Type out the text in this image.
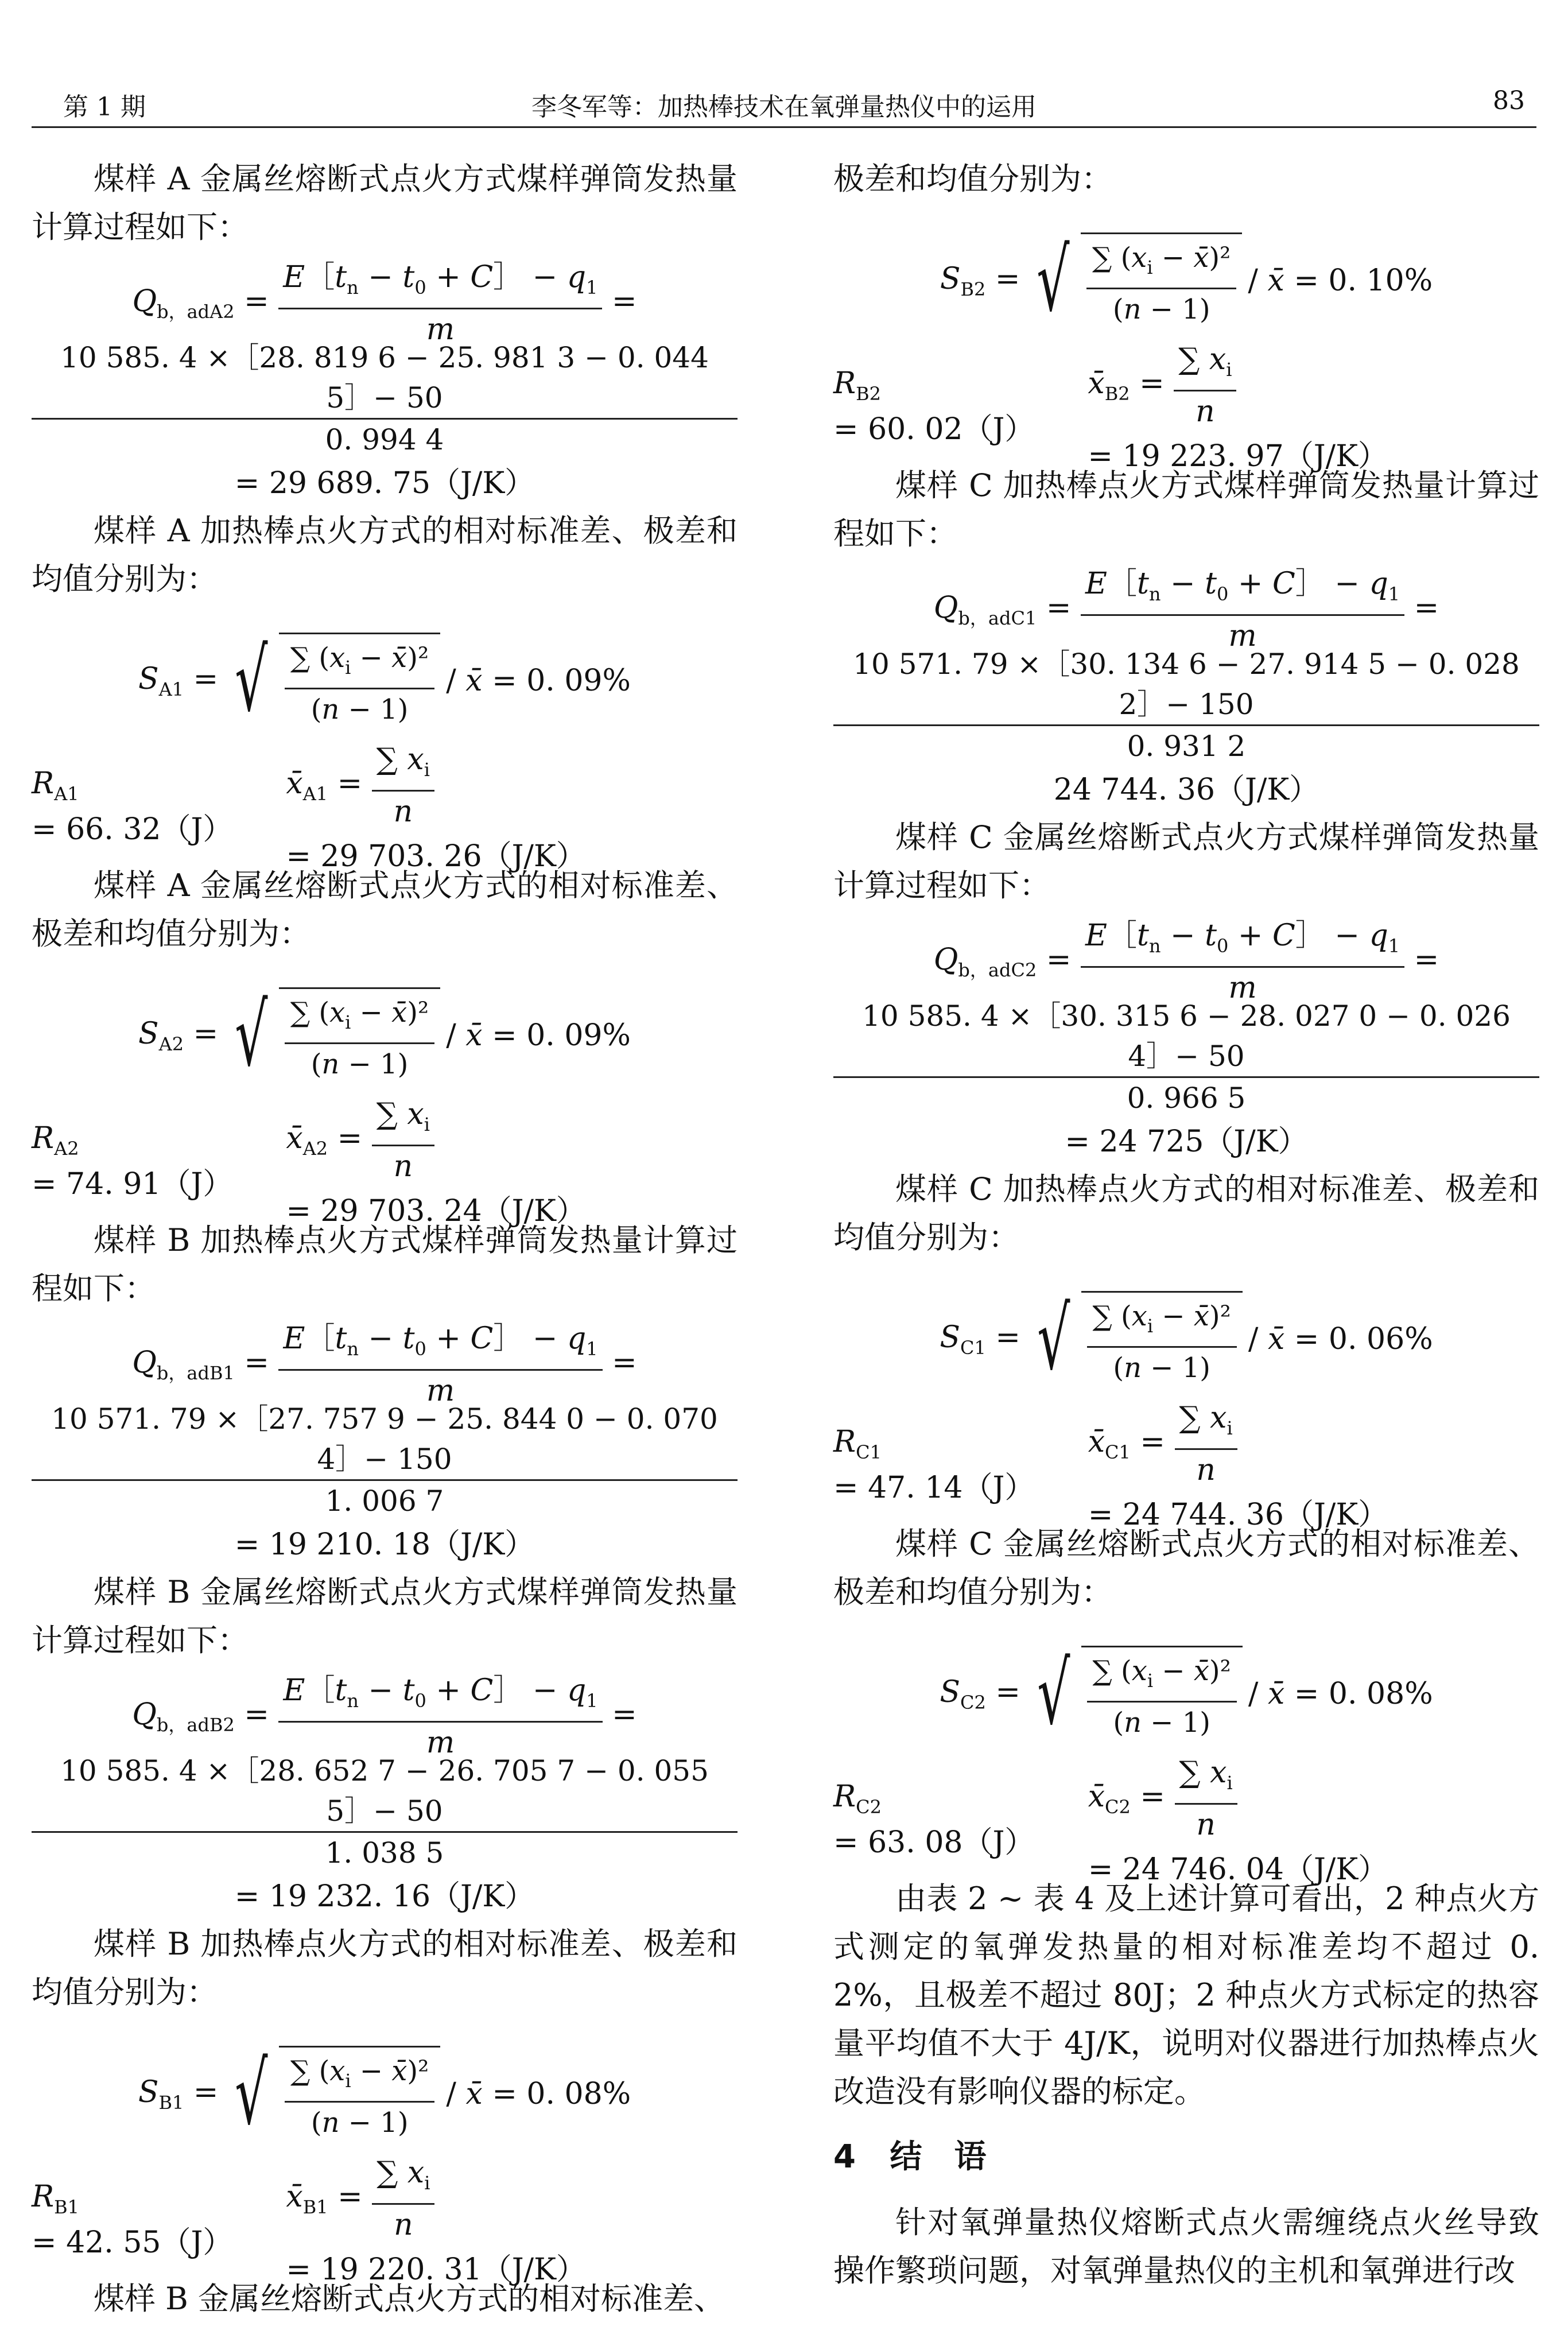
第 1 期	李冬军等：加热棒技术在氧弹量热仪中的运用	83

煤样 A 金属丝熔断式点火方式煤样弹筒发热量计算过程如下：

$Q_{b,adA2} = \frac{E[t_n - t_0 + C] - q_1}{m}$ =
10 585. 4 ×［28. 819 6 − 25. 981 3 − 0. 044 5］− 50
0. 994 4
= 29 689. 75（J/K）

煤样 A 加热棒点火方式的相对标准差、极差和均值分别为：

$S_{A1}$ = √ $\frac{\sum (x_i - x̄)^2}{(n - 1)}$ / x̄ = 0. 09%
$R_{A1} = 66$. 32（J）
$x̄_{A1} = \frac{\sum x_i}{n}$
= 29 703. 26（J/K）

煤样 A 金属丝熔断式点火方式的相对标准差、极差和均值分别为：

$S_{A2}$ = √ $\frac{\sum (x_i - x̄)^2}{(n - 1)}$ / x̄ = 0. 09%
$R_{A2} = 74$. 91（J）
$x̄_{A2} = \frac{\sum x_i}{n}$
= 29 703. 24（J/K）

煤样 B 加热棒点火方式煤样弹筒发热量计算过程如下：

$Q_{b,adB1} = \frac{E[t_n - t_0 + C] - q_1}{m}$ =
10 571. 79 ×［27. 757 9 − 25. 844 0 − 0. 070 4］− 150
1. 006 7
= 19 210. 18（J/K）

煤样 B 金属丝熔断式点火方式煤样弹筒发热量计算过程如下：

$Q_{b,adB2} = \frac{E[t_n - t_0 + C] - q_1}{m}$ =
10 585. 4 ×［28. 652 7 − 26. 705 7 − 0. 055 5］− 50
1. 038 5
= 19 232. 16（J/K）

煤样 B 加热棒点火方式的相对标准差、极差和均值分别为：

$S_{B1}$ = √ $\frac{\sum (x_i - x̄)^2}{(n - 1)}$ / x̄ = 0. 08%
$R_{B1} = 42$. 55（J）
$x̄_{B1} = \frac{\sum x_i}{n}$
= 19 220. 31（J/K）

煤样 B 金属丝熔断式点火方式的相对标准差、

极差和均值分别为：

$S_{B2}$ = √ $\frac{\sum (x_i - x̄)^2}{(n - 1)}$ / x̄ = 0. 10%
$R_{B2} = 60$. 02（J）
$x̄_{B2} = \frac{\sum x_i}{n}$
= 19 223. 97（J/K）

煤样 C 加热棒点火方式煤样弹筒发热量计算过程如下：

$Q_{b,adC1} = \frac{E[t_n - t_0 + C] - q_1}{m}$ =
10 571. 79 ×［30. 134 6 − 27. 914 5 − 0. 028 2］− 150
0. 931 2
24 744. 36（J/K）

煤样 C 金属丝熔断式点火方式煤样弹筒发热量计算过程如下：

$Q_{b,adC2} = \frac{E[t_n - t_0 + C] - q_1}{m}$ =
10 585. 4 ×［30. 315 6 − 28. 027 0 − 0. 026 4］− 50
0. 966 5
= 24 725（J/K）

煤样 C 加热棒点火方式的相对标准差、极差和均值分别为：

$S_{C1}$ = √ $\frac{\sum (x_i - x̄)^2}{(n - 1)}$ / x̄ = 0. 06%
$R_{C1} = 47$. 14（J）
$x̄_{C1} = \frac{\sum x_i}{n}$
= 24 744. 36（J/K）

煤样 C 金属丝熔断式点火方式的相对标准差、极差和均值分别为：

$S_{C2}$ = √ $\frac{\sum (x_i - x̄)^2}{(n - 1)}$ / x̄ = 0. 08%
$R_{C2} = 63$. 08（J）
$x̄_{C2} = \frac{\sum x_i}{n}$
= 24 746. 04（J/K）

由表 2 ~ 表 4 及上述计算可看出，2 种点火方式测定的氧弹发热量的相对标准差均不超过 0. 2%，且极差不超过 80J；2 种点火方式标定的热容量平均值不大于 4J/K，说明对仪器进行加热棒点火改造没有影响仪器的标定。

4 结　语

针对氧弹量热仪熔断式点火需缠绕点火丝导致操作繁琐问题，对氧弹量热仪的主机和氧弹进行改
